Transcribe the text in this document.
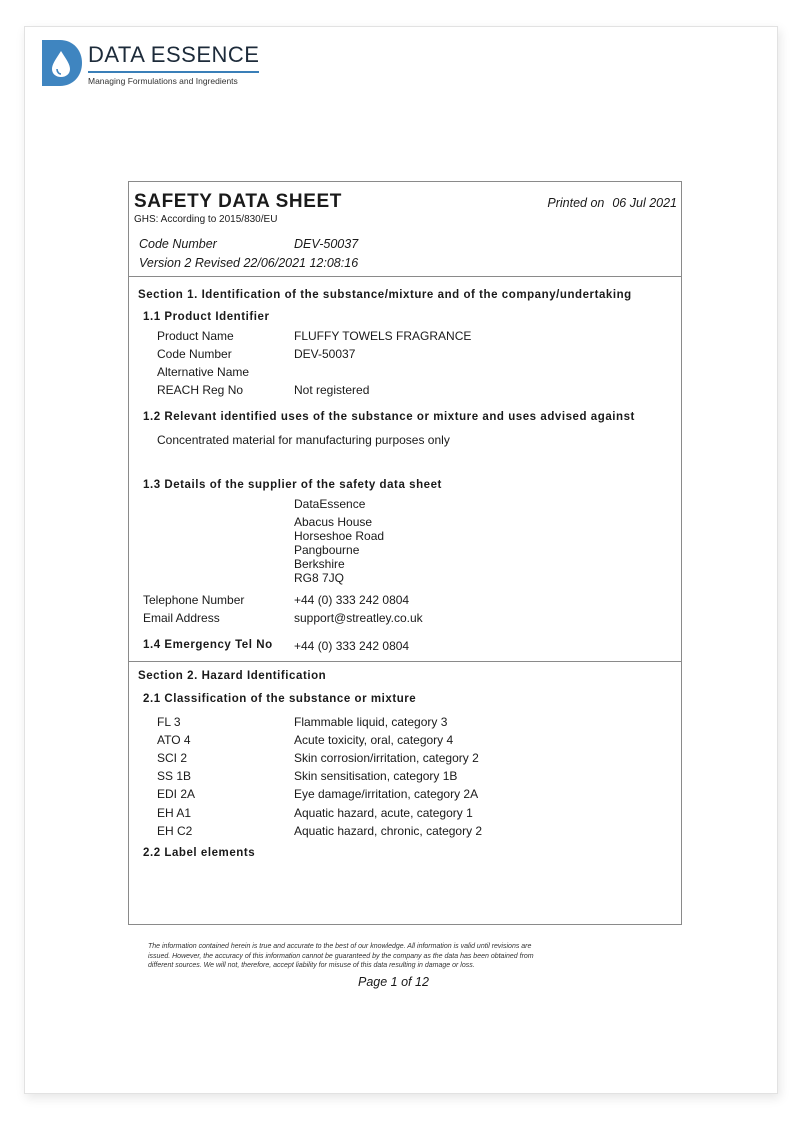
DATA ESSENCE
Managing Formulations and Ingredients
SAFETY DATA SHEET	Printed on 06 Jul 2021
GHS: According to 2015/830/EU
Code Number	DEV-50037
Version 2 Revised 22/06/2021 12:08:16
Section 1. Identification of the substance/mixture and of the company/undertaking
1.1 Product Identifier
Product Name	FLUFFY TOWELS FRAGRANCE
Code Number	DEV-50037
Alternative Name
REACH Reg No	Not registered
1.2 Relevant identified uses of the substance or mixture and uses advised against
Concentrated material for manufacturing purposes only
1.3 Details of the supplier of the safety data sheet
DataEssence
Abacus House
Horseshoe Road
Pangbourne
Berkshire
RG8 7JQ
Telephone Number	+44 (0) 333 242 0804
Email Address	support@streatley.co.uk
1.4 Emergency Tel No +44 (0) 333 242 0804
Section 2. Hazard Identification
2.1 Classification of the substance or mixture
FL 3	Flammable liquid, category 3
ATO 4	Acute toxicity, oral, category 4
SCI 2	Skin corrosion/irritation, category 2
SS 1B	Skin sensitisation, category 1B
EDI 2A	Eye damage/irritation, category 2A
EH A1	Aquatic hazard, acute, category 1
EH C2	Aquatic hazard, chronic, category 2
2.2 Label elements
The information contained herein is true and accurate to the best of our knowledge. All information is valid until revisions are
issued. However, the accuracy of this information cannot be guaranteed by the company as the data has been obtained from
different sources. We will not, therefore, accept liability for misuse of this data resulting in damage or loss.
Page 1 of 12
